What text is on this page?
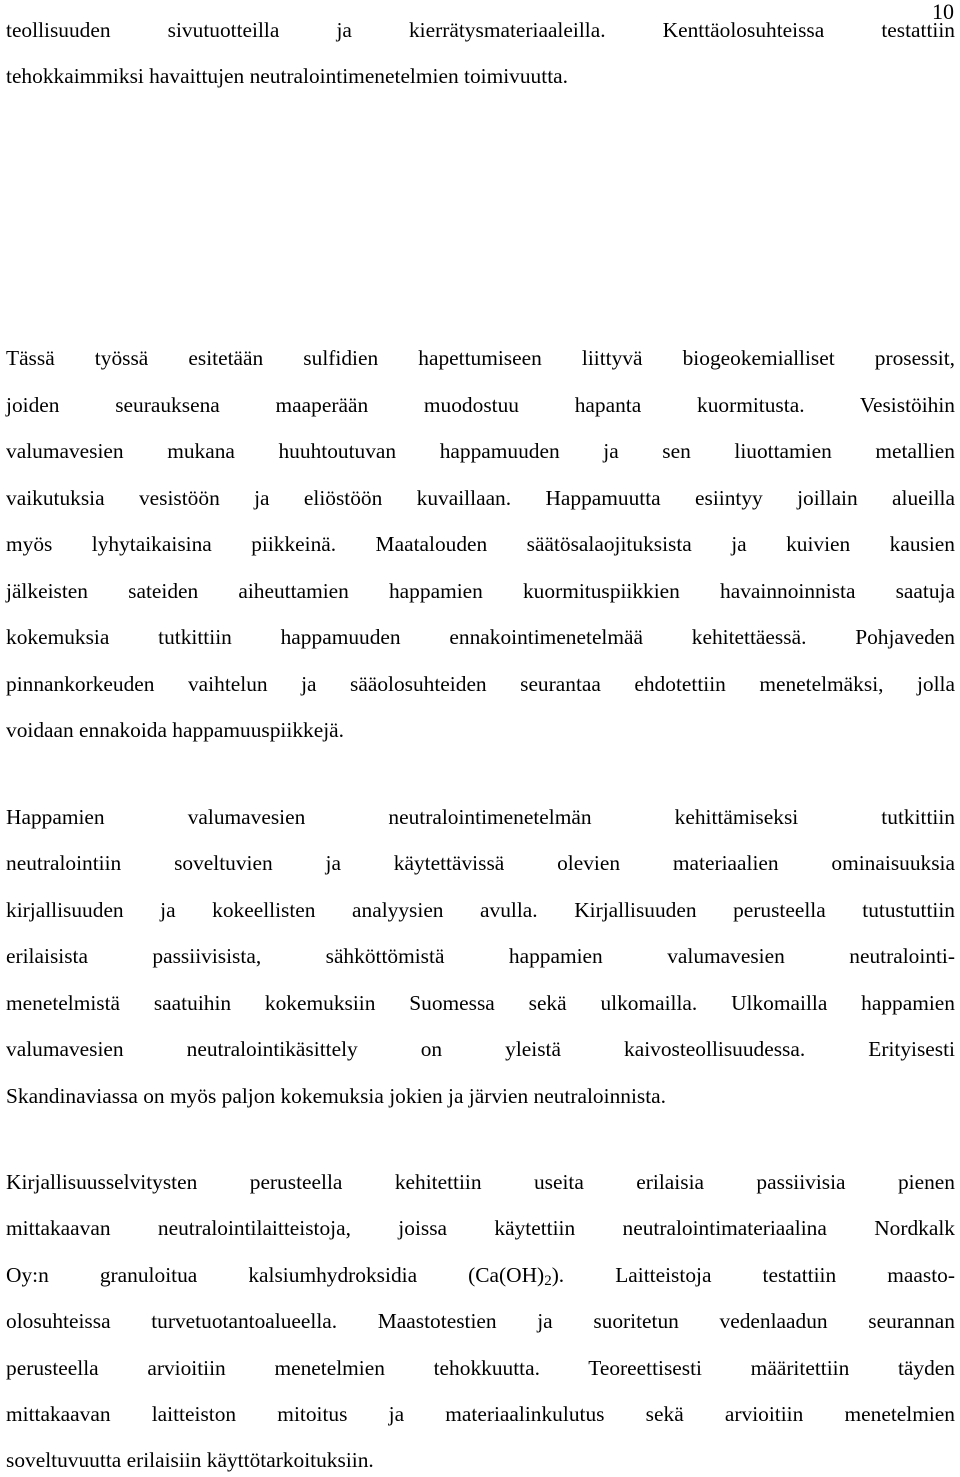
10
teollisuuden sivutuotteilla ja kierrätysmateriaaleilla. Kenttäolosuhteissa testattiin
tehokkaimmiksi havaittujen neutralointimenetelmien toimivuutta.
Tässä työssä esitetään sulfidien hapettumiseen liittyvä biogeokemialliset prosessit,
joiden seurauksena maaperään muodostuu hapanta kuormitusta. Vesistöihin
valumavesien mukana huuhtoutuvan happamuuden ja sen liuottamien metallien
vaikutuksia vesistöön ja eliöstöön kuvaillaan. Happamuutta esiintyy joillain alueilla
myös lyhytaikaisina piikkeinä. Maatalouden säätösalaojituksista ja kuivien kausien
jälkeisten sateiden aiheuttamien happamien kuormituspiikkien havainnoinnista saatuja
kokemuksia tutkittiin happamuuden ennakointimenetelmää kehitettäessä. Pohjaveden
pinnankorkeuden vaihtelun ja sääolosuhteiden seurantaa ehdotettiin menetelmäksi, jolla
voidaan ennakoida happamuuspiikkejä.
Happamien valumavesien neutralointimenetelmän kehittämiseksi tutkittiin
neutralointiin soveltuvien ja käytettävissä olevien materiaalien ominaisuuksia
kirjallisuuden ja kokeellisten analyysien avulla. Kirjallisuuden perusteella tutustuttiin
erilaisista passiivisista, sähköttömistä happamien valumavesien neutralointi-
menetelmistä saatuihin kokemuksiin Suomessa sekä ulkomailla. Ulkomailla happamien
valumavesien neutralointikäsittely on yleistä kaivosteollisuudessa. Erityisesti
Skandinaviassa on myös paljon kokemuksia jokien ja järvien neutraloinnista.
Kirjallisuusselvitysten perusteella kehitettiin useita erilaisia passiivisia pienen
mittakaavan neutralointilaitteistoja, joissa käytettiin neutralointimateriaalina Nordkalk
Oy:n granuloitua kalsiumhydroksidia $(Ca(OH)_2)$. Laitteistoja testattiin maasto-
olosuhteissa turvetuotantoalueella. Maastotestien ja suoritetun vedenlaadun seurannan
perusteella arvioitiin menetelmien tehokkuutta. Teoreettisesti määritettiin täyden
mittakaavan laitteiston mitoitus ja materiaalinkulutus sekä arvioitiin menetelmien
soveltuvuutta erilaisiin käyttötarkoituksiin.
